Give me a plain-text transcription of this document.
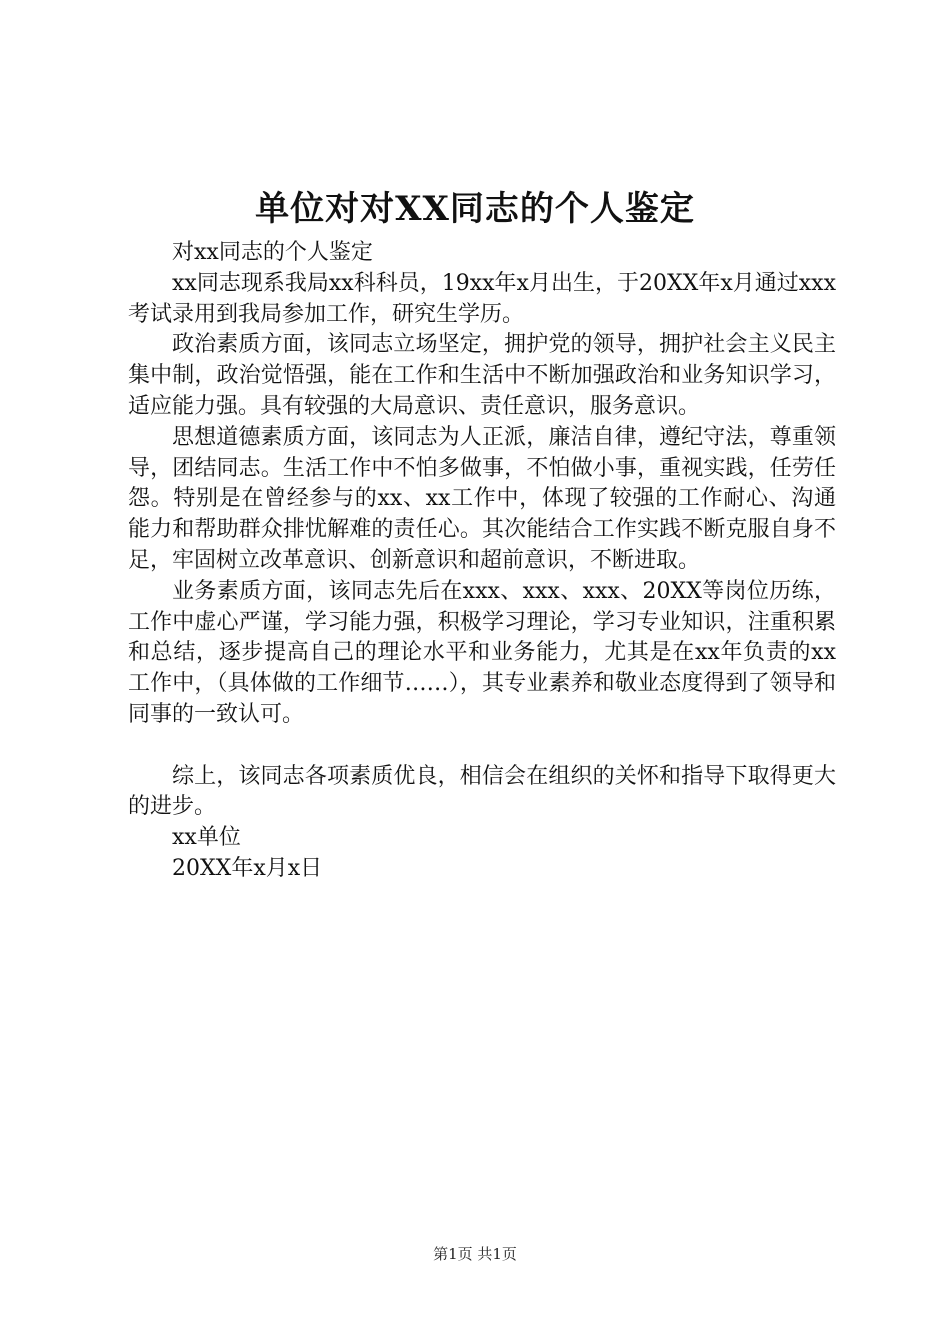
单位对对XX同志的个人鉴定

对xx同志的个人鉴定

xx同志现系我局xx科科员，19xx年x月出生，于20XX年x月通过xxx考试录用到我局参加工作，研究生学历。

政治素质方面，该同志立场坚定，拥护党的领导，拥护社会主义民主集中制，政治觉悟强，能在工作和生活中不断加强政治和业务知识学习，适应能力强。具有较强的大局意识、责任意识，服务意识。

思想道德素质方面，该同志为人正派，廉洁自律，遵纪守法，尊重领导，团结同志。生活工作中不怕多做事，不怕做小事，重视实践，任劳任怨。特别是在曾经参与的xx、xx工作中，体现了较强的工作耐心、沟通能力和帮助群众排忧解难的责任心。其次能结合工作实践不断克服自身不足，牢固树立改革意识、创新意识和超前意识，不断进取。

业务素质方面，该同志先后在xxx、xxx、xxx、20XX等岗位历练，工作中虚心严谨，学习能力强，积极学习理论，学习专业知识，注重积累和总结，逐步提高自己的理论水平和业务能力，尤其是在xx年负责的xx工作中，（具体做的工作细节……），其专业素养和敬业态度得到了领导和同事的一致认可。

综上，该同志各项素质优良，相信会在组织的关怀和指导下取得更大的进步。

xx单位

20XX年x月x日

第1页 共1页
